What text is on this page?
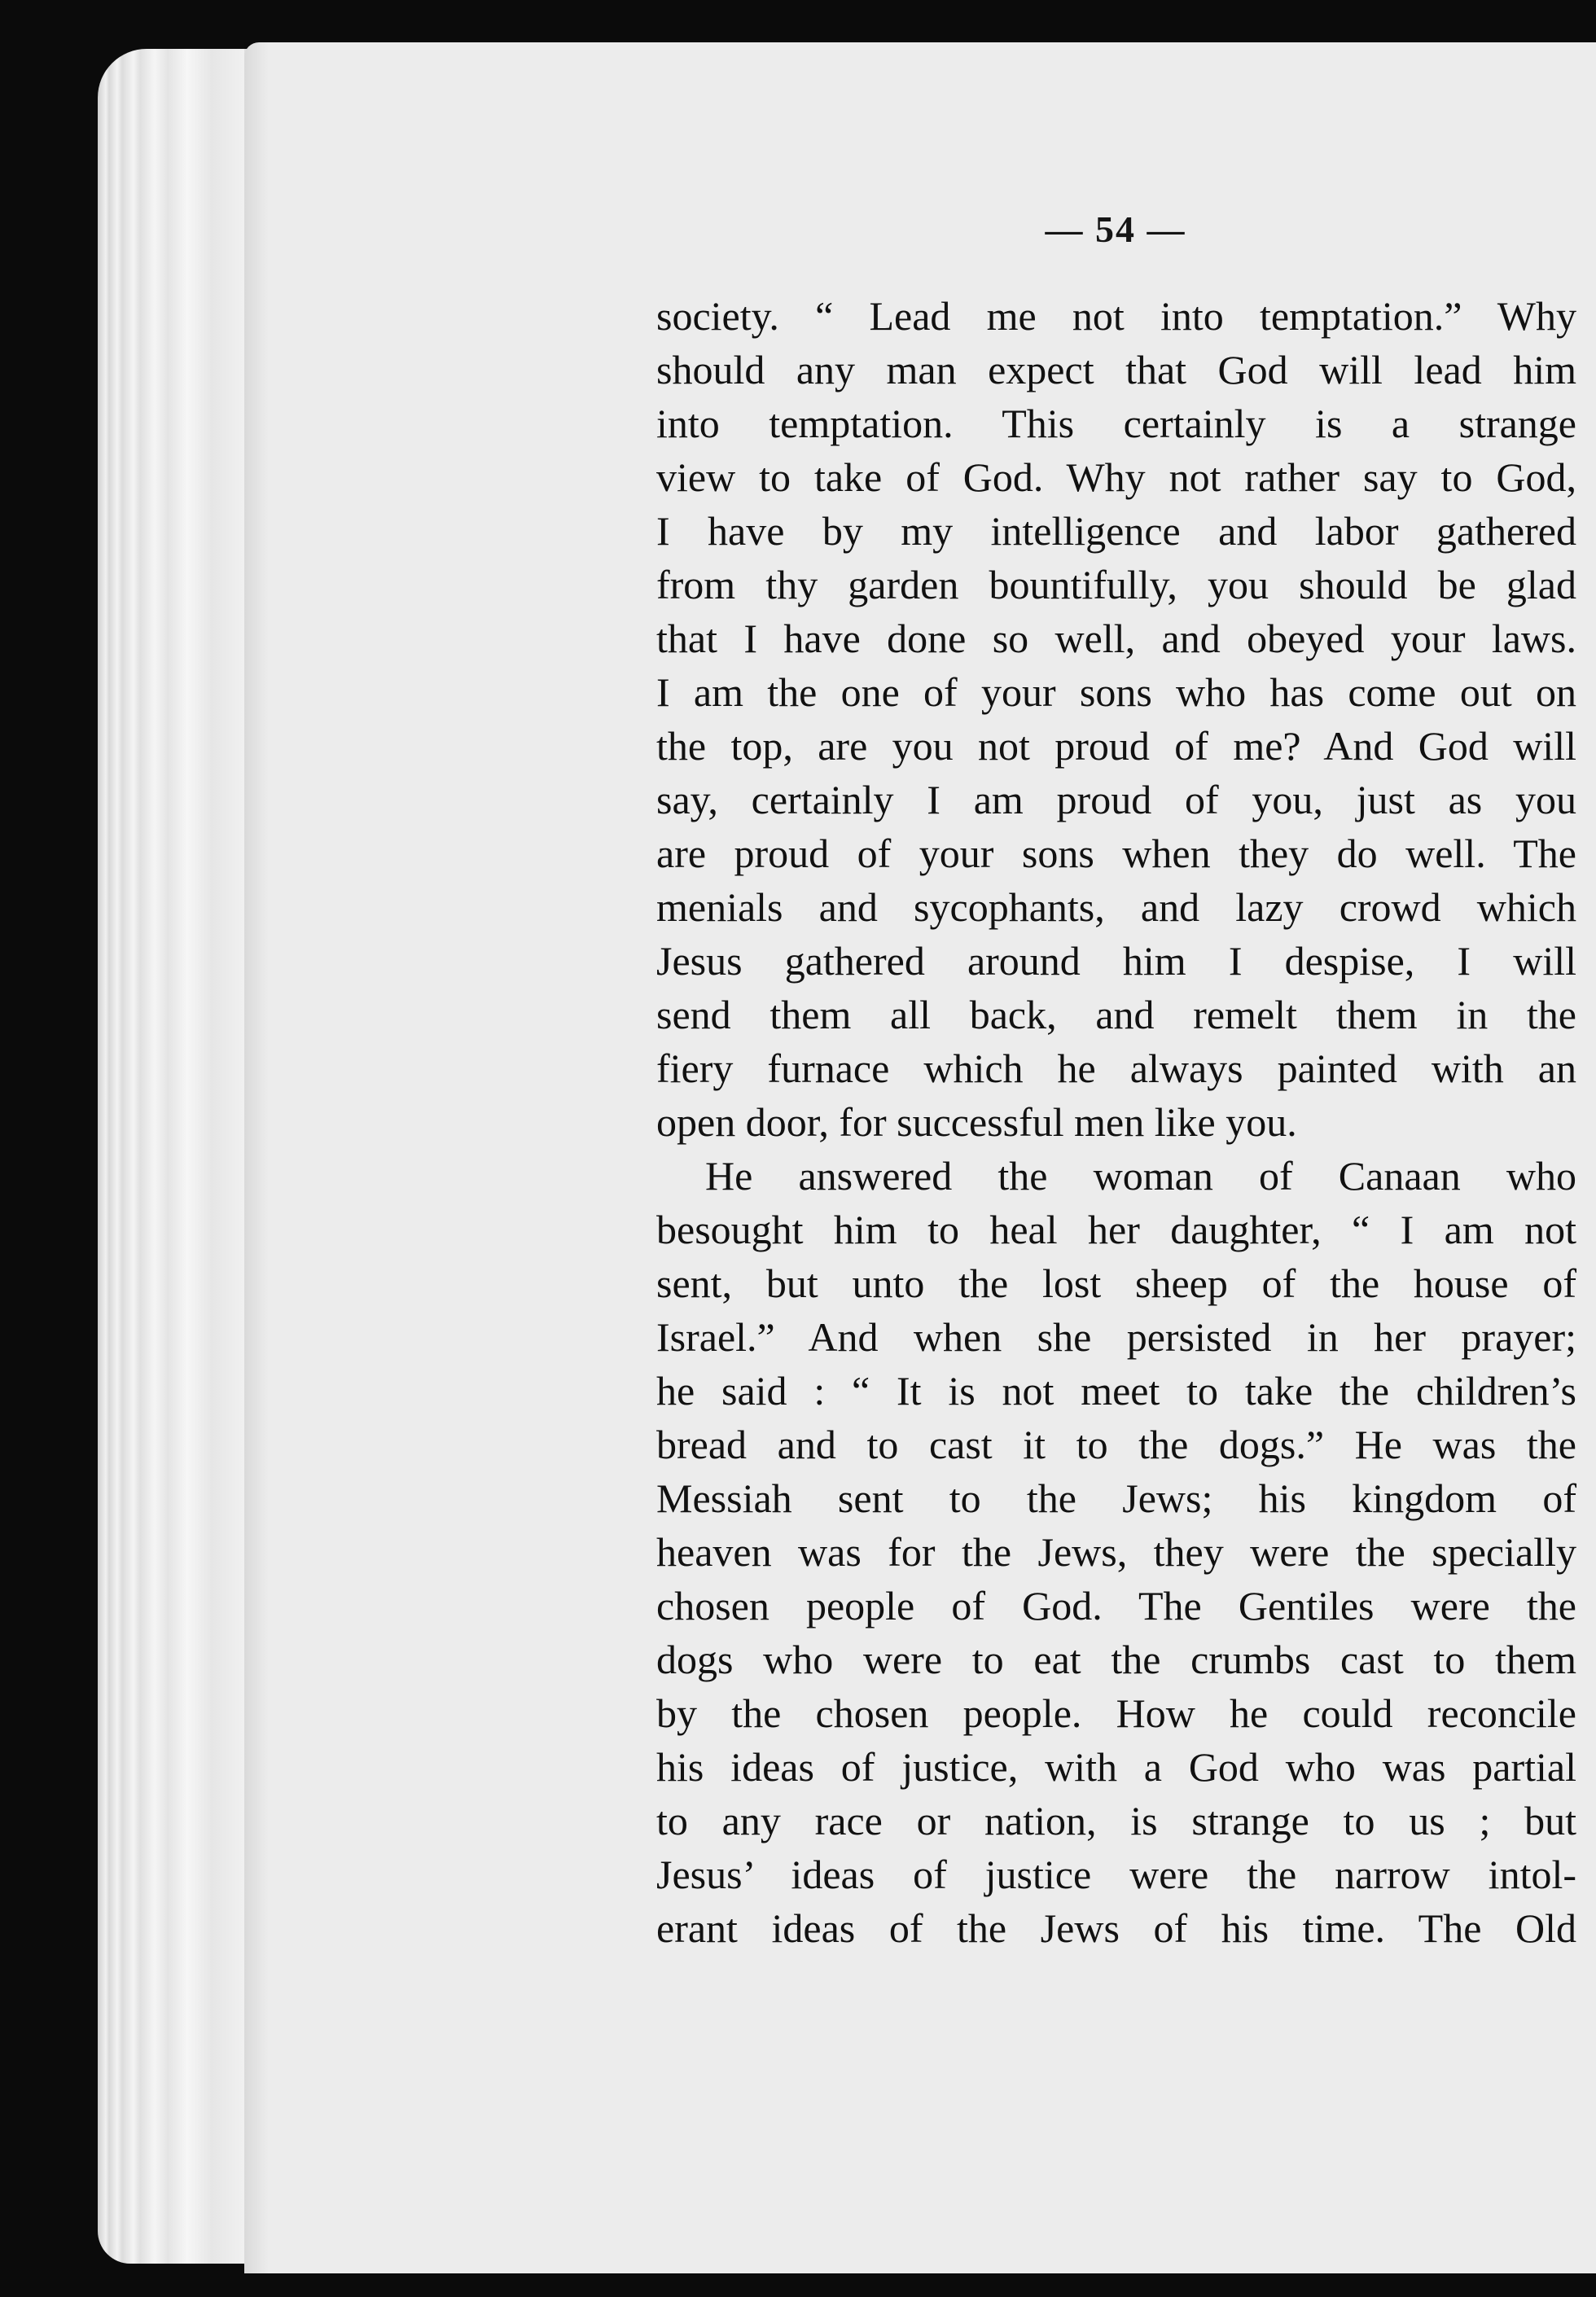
— 54 —
society. “ Lead me not into temptation.” Why
should any man expect that God will lead him
into temptation. This certainly is a strange
view to take of God. Why not rather say to God,
I have by my intelligence and labor gathered
from thy garden bountifully, you should be glad
that I have done so well, and obeyed your laws.
I am the one of your sons who has come out on
the top, are you not proud of me? And God will
say, certainly I am proud of you, just as you
are proud of your sons when they do well. The
menials and sycophants, and lazy crowd which
Jesus gathered around him I despise, I will
send them all back, and remelt them in the
fiery furnace which he always painted with an
open door, for successful men like you.
He answered the woman of Canaan who
besought him to heal her daughter, “ I am not
sent, but unto the lost sheep of the house of
Israel.” And when she persisted in her prayer;
he said : “ It is not meet to take the children’s
bread and to cast it to the dogs.” He was the
Messiah sent to the Jews; his kingdom of
heaven was for the Jews, they were the specially
chosen people of God. The Gentiles were the
dogs who were to eat the crumbs cast to them
by the chosen people. How he could reconcile
his ideas of justice, with a God who was partial
to any race or nation, is strange to us ; but
Jesus’ ideas of justice were the narrow intol-
erant ideas of the Jews of his time. The Old
